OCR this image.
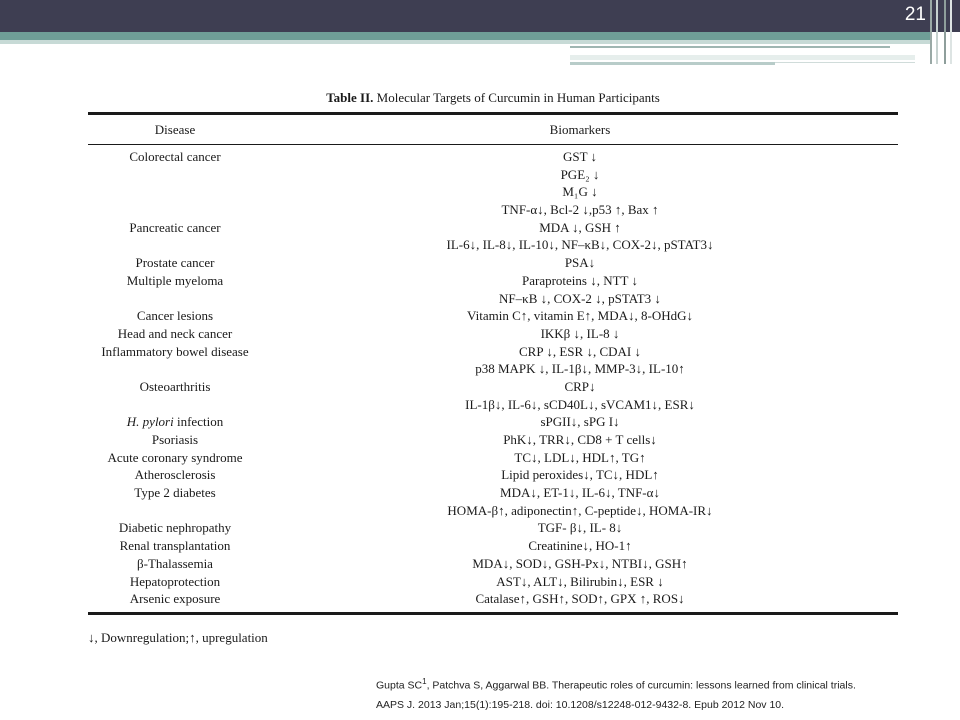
21
Table II. Molecular Targets of Curcumin in Human Participants
Disease	Biomarkers
Colorectal cancer	GST ↓
PGE₂ ↓
M₁G ↓
TNF-α↓, Bcl-2 ↓,p53 ↑, Bax ↑
Pancreatic cancer	MDA ↓, GSH ↑
IL-6↓, IL-8↓, IL-10↓, NF–κB↓, COX-2↓, pSTAT3↓
Prostate cancer	PSA↓
Multiple myeloma	Paraproteins ↓, NTT ↓
NF–κB ↓, COX-2 ↓, pSTAT3 ↓
Cancer lesions	Vitamin C↑, vitamin E↑, MDA↓, 8-OHdG↓
Head and neck cancer	IKKβ ↓, IL-8 ↓
Inflammatory bowel disease	CRP ↓, ESR ↓, CDAI ↓
p38 MAPK ↓, IL-1β↓, MMP-3↓, IL-10↑
Osteoarthritis	CRP↓
IL-1β↓, IL-6↓, sCD40L↓, sVCAM1↓, ESR↓
H. pylori infection	sPGII↓, sPG I↓
Psoriasis	PhK↓, TRR↓, CD8 + T cells↓
Acute coronary syndrome	TC↓, LDL↓, HDL↑, TG↑
Atherosclerosis	Lipid peroxides↓, TC↓, HDL↑
Type 2 diabetes	MDA↓, ET-1↓, IL-6↓, TNF-α↓
HOMA-β↑, adiponectin↑, C-peptide↓, HOMA-IR↓
Diabetic nephropathy	TGF- β↓, IL- 8↓
Renal transplantation	Creatinine↓, HO-1↑
β-Thalassemia	MDA↓, SOD↓, GSH-Px↓, NTBI↓, GSH↑
Hepatoprotection	AST↓, ALT↓, Bilirubin↓, ESR ↓
Arsenic exposure	Catalase↑, GSH↑, SOD↑, GPX ↑, ROS↓
↓, Downregulation;↑, upregulation
Gupta $SC^1$, Patchva S, Aggarwal BB. Therapeutic roles of curcumin: lessons learned from clinical trials.
AAPS J. 2013 Jan;15(1):195-218. doi: 10.1208/s12248-012-9432-8. Epub 2012 Nov 10.
